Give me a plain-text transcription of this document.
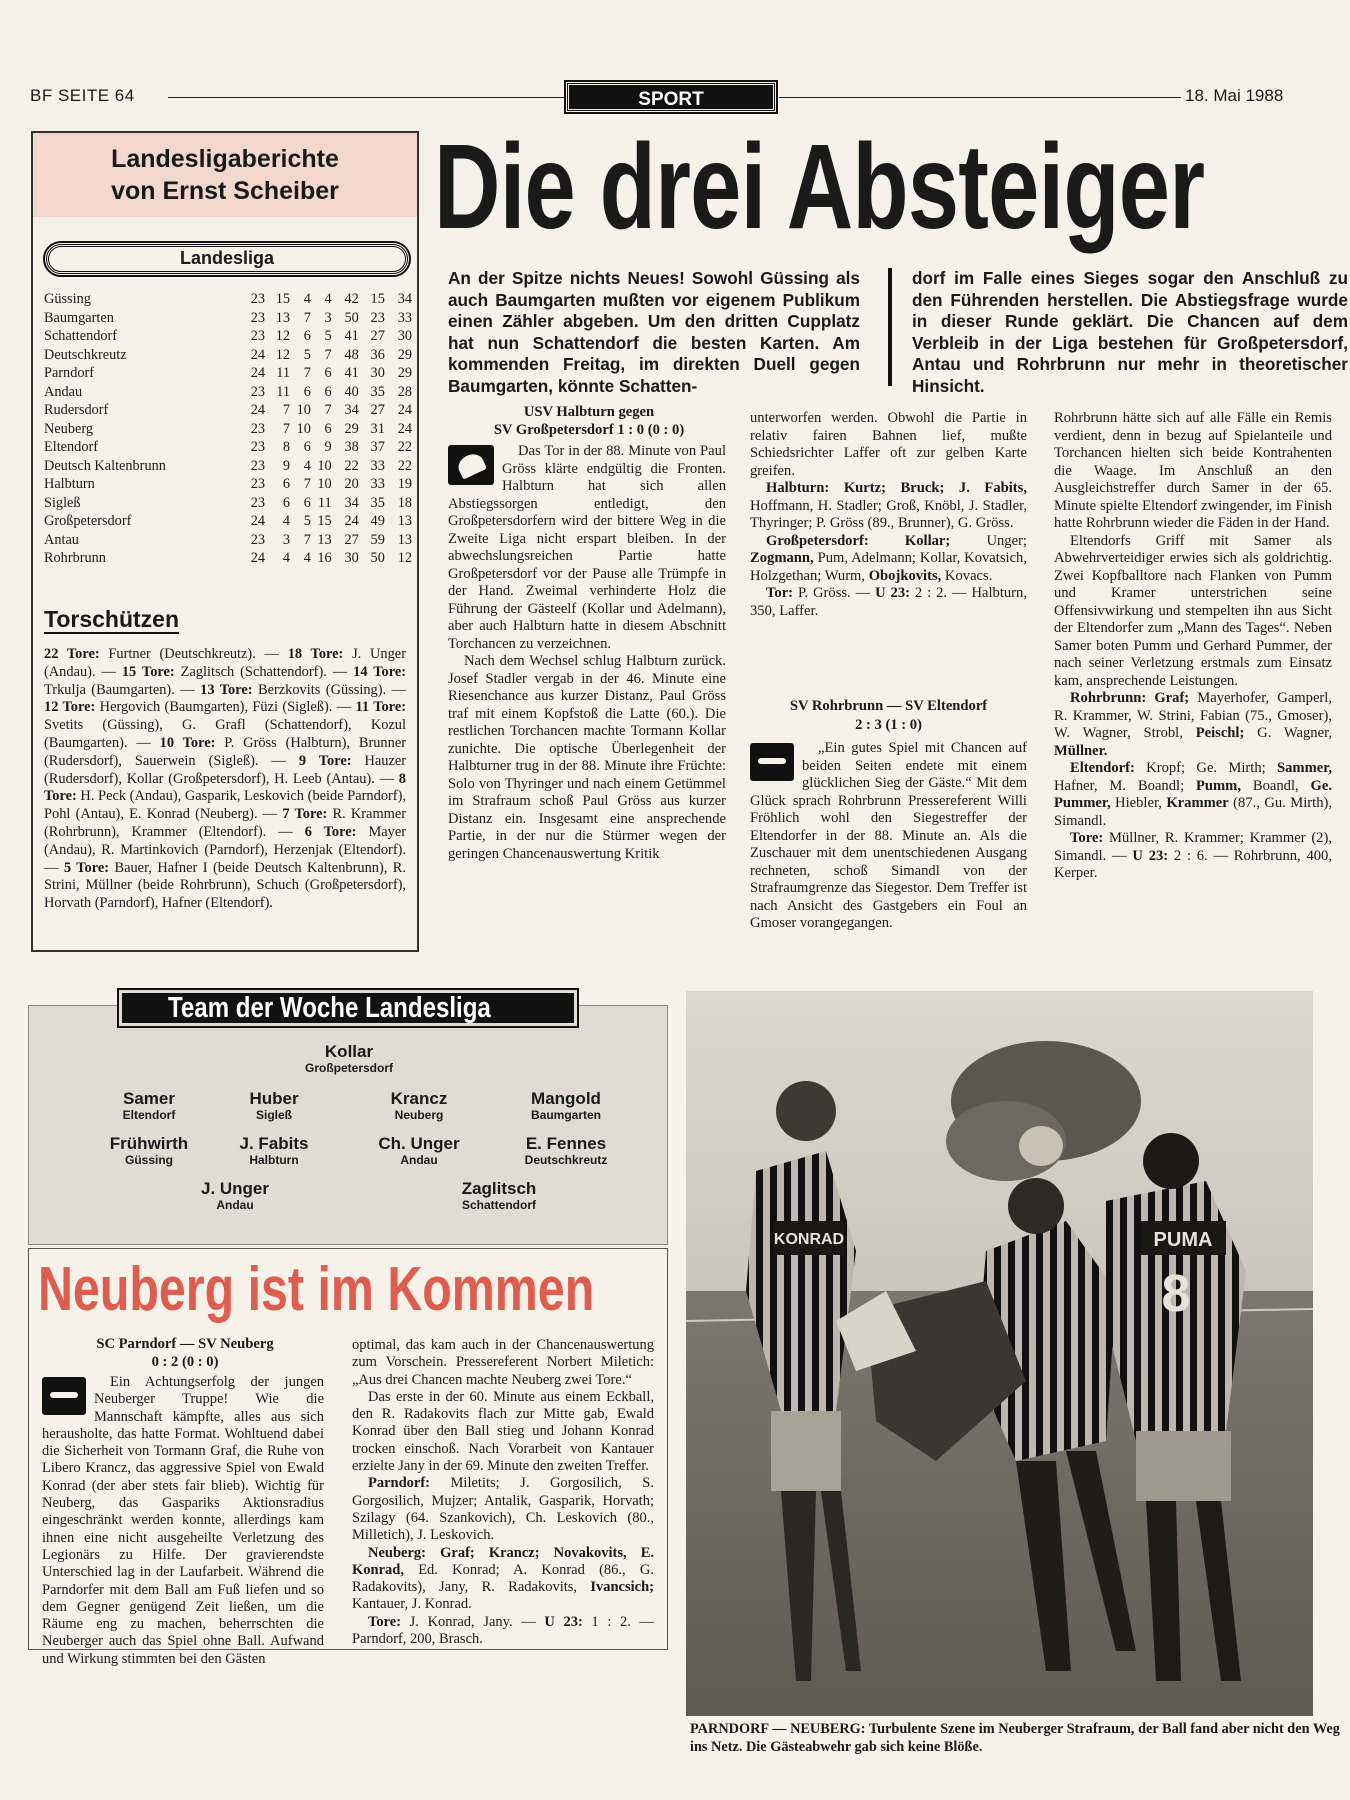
BF SEITE 64	SPORT	18. Mai 1988
Landesligaberichte
von Ernst Scheiber
Landesliga
Güssing	23	15	4	4	42	15	34
Baumgarten	23	13	7	3	50	23	33
Schattendorf	23	12	6	5	41	27	30
Deutschkreutz	24	12	5	7	48	36	29
Parndorf	24	11	7	6	41	30	29
Andau	23	11	6	6	40	35	28
Rudersdorf	24	7	10	7	34	27	24
Neuberg	23	7	10	6	29	31	24
Eltendorf	23	8	6	9	38	37	22
Deutsch Kaltenbrunn	23	9	4	10	22	33	22
Halbturn	23	6	7	10	20	33	19
Sigleß	23	6	6	11	34	35	18
Großpetersdorf	24	4	5	15	24	49	13
Antau	23	3	7	13	27	59	13
Rohrbrunn	24	4	4	16	30	50	12
Torschützen
22 Tore: Furtner (Deutschkreutz). — 18 Tore: J. Unger (Andau). — 15 Tore: Zaglitsch (Schattendorf). — 14 Tore: Trkulja (Baumgarten). — 13 Tore: Berzkovits (Güssing). — 12 Tore: Hergovich (Baumgarten), Füzi (Sigleß). — 11 Tore: Svetits (Güssing), G. Grafl (Schattendorf), Kozul (Baumgarten). — 10 Tore: P. Gröss (Halbturn), Brunner (Rudersdorf), Sauerwein (Sigleß). — 9 Tore: Hauzer (Rudersdorf), Kollar (Großpetersdorf), H. Leeb (Antau). — 8 Tore: H. Peck (Andau), Gasparik, Leskovich (beide Parndorf), Pohl (Antau), E. Konrad (Neuberg). — 7 Tore: R. Krammer (Rohrbrunn), Krammer (Eltendorf). — 6 Tore: Mayer (Andau), R. Martinkovich (Parndorf), Herzenjak (Eltendorf). — 5 Tore: Bauer, Hafner I (beide Deutsch Kaltenbrunn), R. Strini, Müllner (beide Rohrbrunn), Schuch (Großpetersdorf), Horvath (Parndorf), Hafner (Eltendorf).
Die drei Absteiger
An der Spitze nichts Neues! Sowohl Güssing als auch Baumgarten mußten vor eigenem Publikum einen Zähler abgeben. Um den dritten Cupplatz hat nun Schattendorf die besten Karten. Am kommenden Freitag, im direkten Duell gegen Baumgarten, könnte Schatten-
dorf im Falle eines Sieges sogar den Anschluß zu den Führenden herstellen. Die Abstiegsfrage wurde in dieser Runde geklärt. Die Chancen auf dem Verbleib in der Liga bestehen für Großpetersdorf, Antau und Rohrbrunn nur mehr in theoretischer Hinsicht.
USV Halbturn gegen
SV Großpetersdorf 1 : 0 (0 : 0)
Das Tor in der 88. Minute von Paul Gröss klärte endgültig die Fronten. Halbturn hat sich allen Abstiegssorgen entledigt, den Großpetersdorfern wird der bittere Weg in die Zweite Liga nicht erspart bleiben. In der abwechslungsreichen Partie hatte Großpetersdorf vor der Pause alle Trümpfe in der Hand. Zweimal verhinderte Holz die Führung der Gästeelf (Kollar und Adelmann), aber auch Halbturn hatte in diesem Abschnitt Torchancen zu verzeichnen.
Nach dem Wechsel schlug Halbturn zurück. Josef Stadler vergab in der 46. Minute eine Riesenchance aus kurzer Distanz, Paul Gröss traf mit einem Kopfstoß die Latte (60.). Die restlichen Torchancen machte Tormann Kollar zunichte. Die optische Überlegenheit der Halbturner trug in der 88. Minute ihre Früchte: Solo von Thyringer und nach einem Getümmel im Strafraum schoß Paul Gröss aus kurzer Distanz ein. Insgesamt eine ansprechende Partie, in der nur die Stürmer wegen der geringen Chancenauswertung Kritik
unterworfen werden. Obwohl die Partie in relativ fairen Bahnen lief, mußte Schiedsrichter Laffer oft zur gelben Karte greifen.
Halbturn: Kurtz; Bruck; J. Fabits, Hoffmann, H. Stadler; Groß, Knöbl, J. Stadler, Thyringer; P. Gröss (89., Brunner), G. Gröss.
Großpetersdorf: Kollar; Unger; Zogmann, Pum, Adelmann; Kollar, Kovatsich, Holzgethan; Wurm, Obojkovits, Kovacs.
Tor: P. Gröss. — U 23: 2 : 2. — Halbturn, 350, Laffer.
SV Rohrbrunn — SV Eltendorf
2 : 3 (1 : 0)
„Ein gutes Spiel mit Chancen auf beiden Seiten endete mit einem glücklichen Sieg der Gäste.“ Mit dem Glück sprach Rohrbrunn Pressereferent Willi Fröhlich wohl den Siegestreffer der Eltendorfer in der 88. Minute an. Als die Zuschauer mit dem unentschiedenen Ausgang rechneten, schoß Simandl von der Strafraumgrenze das Siegestor. Dem Treffer ist nach Ansicht des Gastgebers ein Foul an Gmoser vorangegangen.
Rohrbrunn hätte sich auf alle Fälle ein Remis verdient, denn in bezug auf Spielanteile und Torchancen hielten sich beide Kontrahenten die Waage. Im Anschluß an den Ausgleichstreffer durch Samer in der 65. Minute spielte Eltendorf zwingender, im Finish hatte Rohrbrunn wieder die Fäden in der Hand.
Eltendorfs Griff mit Samer als Abwehrverteidiger erwies sich als goldrichtig. Zwei Kopfballtore nach Flanken von Pumm und Kramer unterstrichen seine Offensivwirkung und stempelten ihn aus Sicht der Eltendorfer zum „Mann des Tages“. Neben Samer boten Pumm und Gerhard Pummer, der nach seiner Verletzung erstmals zum Einsatz kam, ansprechende Leistungen.
Rohrbrunn: Graf; Mayerhofer, Gamperl, R. Krammer, W. Strini, Fabian (75., Gmoser), W. Wagner, Strobl, Peischl; G. Wagner, Müllner.
Eltendorf: Kropf; Ge. Mirth; Sammer, Hafner, M. Boandl; Pumm, Boandl, Ge. Pummer, Hiebler, Krammer (87., Gu. Mirth), Simandl.
Tore: Müllner, R. Krammer; Krammer (2), Simandl. — U 23: 2 : 6. — Rohrbrunn, 400, Kerper.
Team der Woche Landesliga
Kollar
Großpetersdorf
Samer
Eltendorf
Huber
Sigleß
Krancz
Neuberg
Mangold
Baumgarten
Frühwirth
Güssing
J. Fabits
Halbturn
Ch. Unger
Andau
E. Fennes
Deutschkreutz
J. Unger
Andau
Zaglitsch
Schattendorf
Neuberg ist im Kommen
SC Parndorf — SV Neuberg
0 : 2 (0 : 0)
Ein Achtungserfolg der jungen Neuberger Truppe! Wie die Mannschaft kämpfte, alles aus sich herausholte, das hatte Format. Wohltuend dabei die Sicherheit von Tormann Graf, die Ruhe von Libero Krancz, das aggressive Spiel von Ewald Konrad (der aber stets fair blieb). Wichtig für Neuberg, das Gaspariks Aktionsradius eingeschränkt werden konnte, allerdings kam ihnen eine nicht ausgeheilte Verletzung des Legionärs zu Hilfe. Der gravierendste Unterschied lag in der Laufarbeit. Während die Parndorfer mit dem Ball am Fuß liefen und so dem Gegner genügend Zeit ließen, um die Räume eng zu machen, beherrschten die Neuberger auch das Spiel ohne Ball. Aufwand und Wirkung stimmten bei den Gästen
optimal, das kam auch in der Chancenauswertung zum Vorschein. Pressereferent Norbert Miletich: „Aus drei Chancen machte Neuberg zwei Tore.“
Das erste in der 60. Minute aus einem Eckball, den R. Radakovits flach zur Mitte gab, Ewald Konrad über den Ball stieg und Johann Konrad trocken einschoß. Nach Vorarbeit von Kantauer erzielte Jany in der 69. Minute den zweiten Treffer.
Parndorf: Miletits; J. Gorgosilich, S. Gorgosilich, Mujzer; Antalik, Gasparik, Horvath; Szilagy (64. Szankovich), Ch. Leskovich (80., Milletich), J. Leskovich.
Neuberg: Graf; Krancz; Novakovits, E. Konrad, Ed. Konrad; A. Konrad (86., G. Radakovits), Jany, R. Radakovits, Ivancsich; Kantauer, J. Konrad.
Tore: J. Konrad, Jany. — U 23: 1 : 2. — Parndorf, 200, Brasch.
KONRAD	PUMA
8
PARNDORF — NEUBERG: Turbulente Szene im Neuberger Strafraum, der Ball fand aber nicht den Weg ins Netz. Die Gästeabwehr gab sich keine Blöße.
